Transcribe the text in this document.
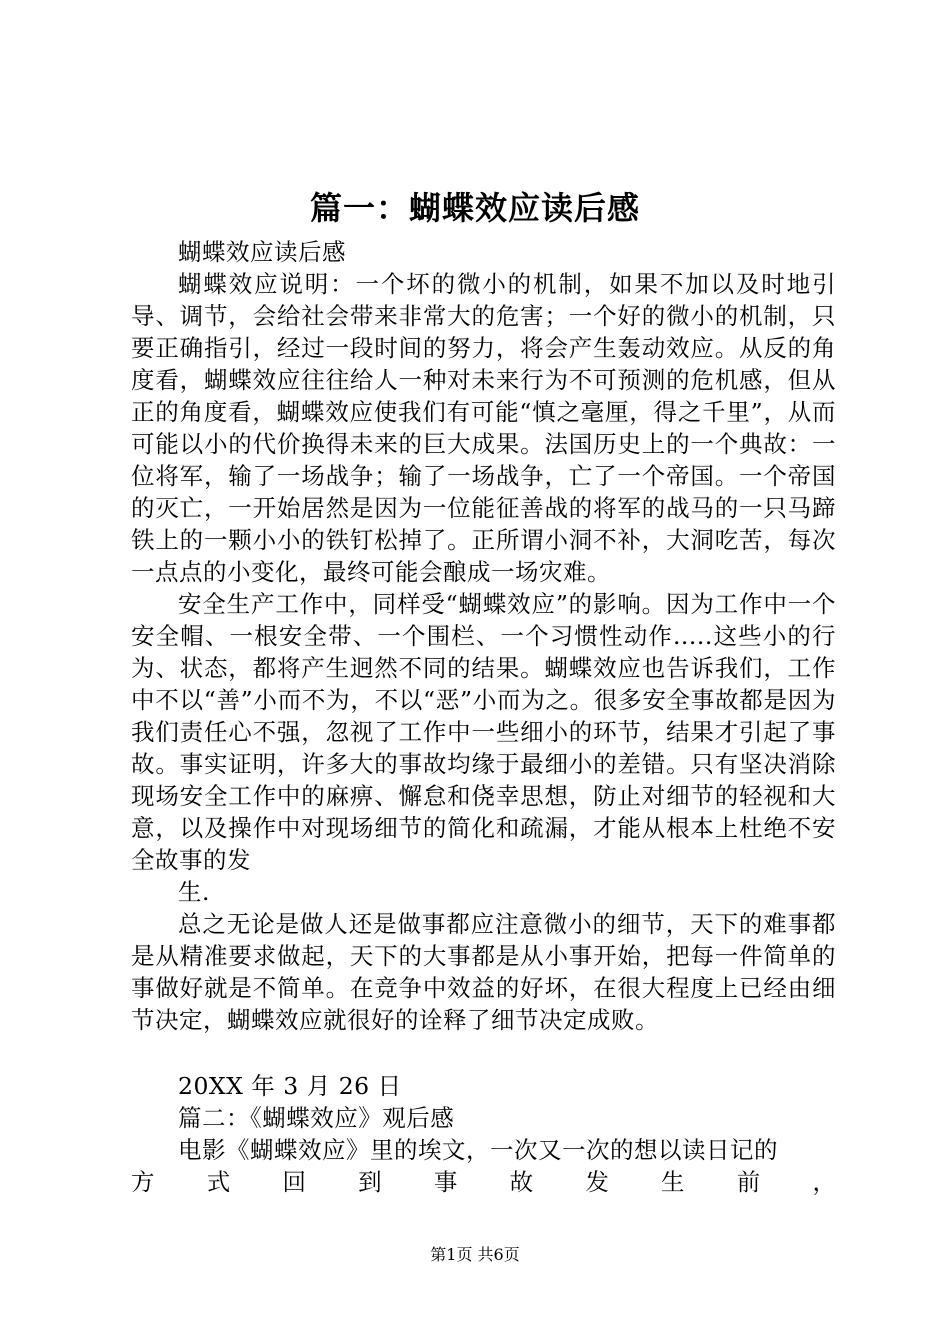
篇一：蝴蝶效应读后感

蝴蝶效应读后感

蝴蝶效应说明：一个坏的微小的机制，如果不加以及时地引导、调节，会给社会带来非常大的危害；一个好的微小的机制，只要正确指引，经过一段时间的努力，将会产生轰动效应。从反的角度看，蝴蝶效应往往给人一种对未来行为不可预测的危机感，但从正的角度看，蝴蝶效应使我们有可能“慎之毫厘，得之千里”，从而可能以小的代价换得未来的巨大成果。法国历史上的一个典故：一位将军，输了一场战争；输了一场战争，亡了一个帝国。一个帝国的灭亡，一开始居然是因为一位能征善战的将军的战马的一只马蹄铁上的一颗小小的铁钉松掉了。正所谓小洞不补，大洞吃苦，每次一点点的小变化，最终可能会酿成一场灾难。

安全生产工作中，同样受“蝴蝶效应”的影响。因为工作中一个安全帽、一根安全带、一个围栏、一个习惯性动作.....这些小的行为、状态，都将产生迥然不同的结果。蝴蝶效应也告诉我们，工作中不以“善”小而不为，不以“恶”小而为之。很多安全事故都是因为我们责任心不强，忽视了工作中一些细小的环节，结果才引起了事故。事实证明，许多大的事故均缘于最细小的差错。只有坚决消除现场安全工作中的麻痹、懈怠和侥幸思想，防止对细节的轻视和大意，以及操作中对现场细节的简化和疏漏，才能从根本上杜绝不安全故事的发

生.

总之无论是做人还是做事都应注意微小的细节，天下的难事都是从精准要求做起，天下的大事都是从小事开始，把每一件简单的事做好就是不简单。在竞争中效益的好坏，在很大程度上已经由细节决定，蝴蝶效应就很好的诠释了细节决定成败。

20XX 年 3 月 26 日

篇二：《蝴蝶效应》观后感

电影《蝴蝶效应》里的埃文，一次又一次的想以读日记的

方式回到事故发生前，

第1页 共6页
